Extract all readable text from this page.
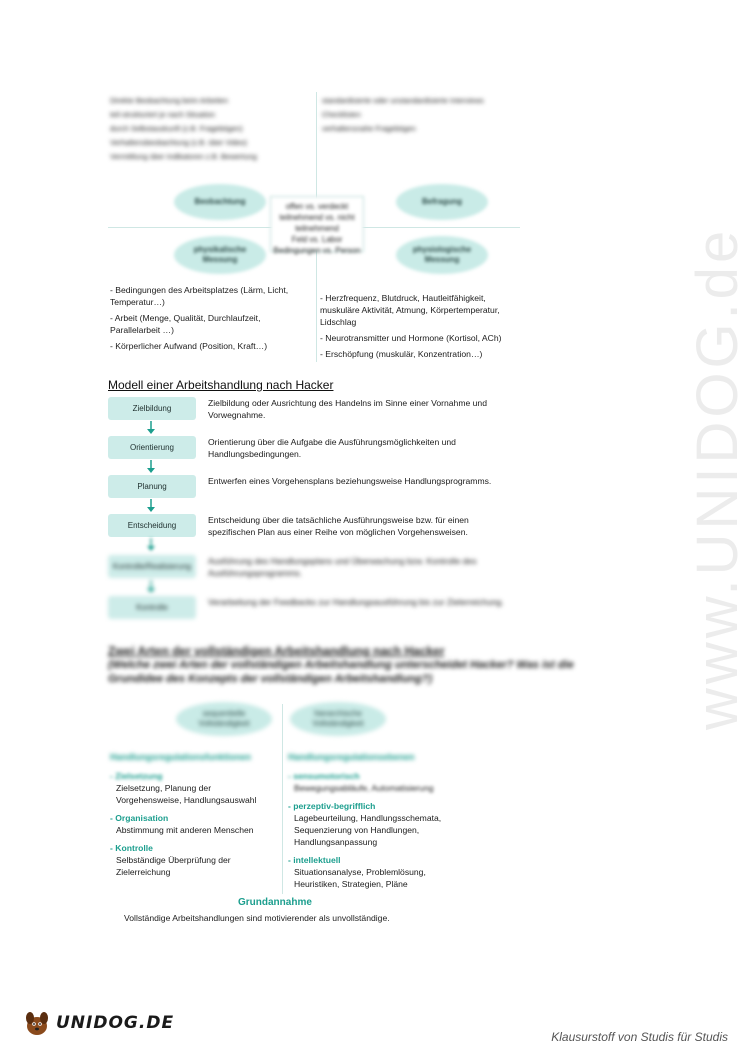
www.UNIDOG.de
Direkte Beobachtung beim Arbeiten
teil-strukturiert je nach Situation
durch Selbstauskunft (z.B. Fragebögen)
Verhaltensbeobachtung (z.B. über Video)
Vermittlung über Indikatoren z.B. Bewertung
standardisierte oder unstandardisierte Interviews
Checklisten
verhaltensnahe Fragebögen
Beobachtung	Befragung
physikalische Messung
physiologische Messung
offen vs. verdeckt
teilnehmend vs. nicht teilnehmend
Feld vs. Labor
Bedingungen vs. Person
- Bedingungen des Arbeitsplatzes (Lärm, Licht, Temperatur…)
- Arbeit (Menge, Qualität, Durchlaufzeit, Parallelarbeit …)
- Körperlicher Aufwand (Position, Kraft…)
- Herzfrequenz, Blutdruck, Hautleitfähigkeit, muskuläre Aktivität, Atmung, Körpertemperatur, Lidschlag
- Neurotransmitter und Hormone (Kortisol, ACh)
- Erschöpfung (muskulär, Konzentration…)
Modell einer Arbeitshandlung nach Hacker
Zielbildung
Zielbildung oder Ausrichtung des Handelns im Sinne einer Vornahme und Vorwegnahme.
Orientierung
Orientierung über die Aufgabe die Ausführungsmöglichkeiten und Handlungsbedingungen.
Planung
Entwerfen eines Vorgehensplans beziehungsweise Handlungsprogramms.
Entscheidung
Entscheidung über die tatsächliche Ausführungsweise bzw. für einen spezifischen Plan aus einer Reihe von möglichen Vorgehensweisen.
Kontrolle/Realisierung
Ausführung des Handlungsplans und Überwachung bzw. Kontrolle des Ausführungsprogramms.
Kontrolle
Verarbeitung der Feedbacks zur Handlungsausführung bis zur Zielerreichung.
Zwei Arten der vollständigen Arbeitshandlung nach Hacker
(Welche zwei Arten der vollständigen Arbeitshandlung unterscheidet Hacker? Was ist die Grundidee des Konzepts der vollständigen Arbeitshandlung?)
sequentielle Vollständigkeit
hierarchische Vollständigkeit
Handlungsregulationsfunktionen	Handlungsregulationsebenen
- Zielsetzung
Zielsetzung, Planung der Vorgehensweise, Handlungsauswahl
- Organisation
Abstimmung mit anderen Menschen
- Kontrolle
Selbständige Überprüfung der Zielerreichung
- sensumotorisch
Bewegungsabläufe, Automatisierung
- perzeptiv-begrifflich
Lagebeurteilung, Handlungsschemata, Sequenzierung von Handlungen, Handlungsanpassung
- intellektuell
Situationsanalyse, Problemlösung, Heuristiken, Strategien, Pläne
Grundannahme
Vollständige Arbeitshandlungen sind motivierender als unvollständige.
UNIDOG.DE
Klausurstoff von Studis für Studis
